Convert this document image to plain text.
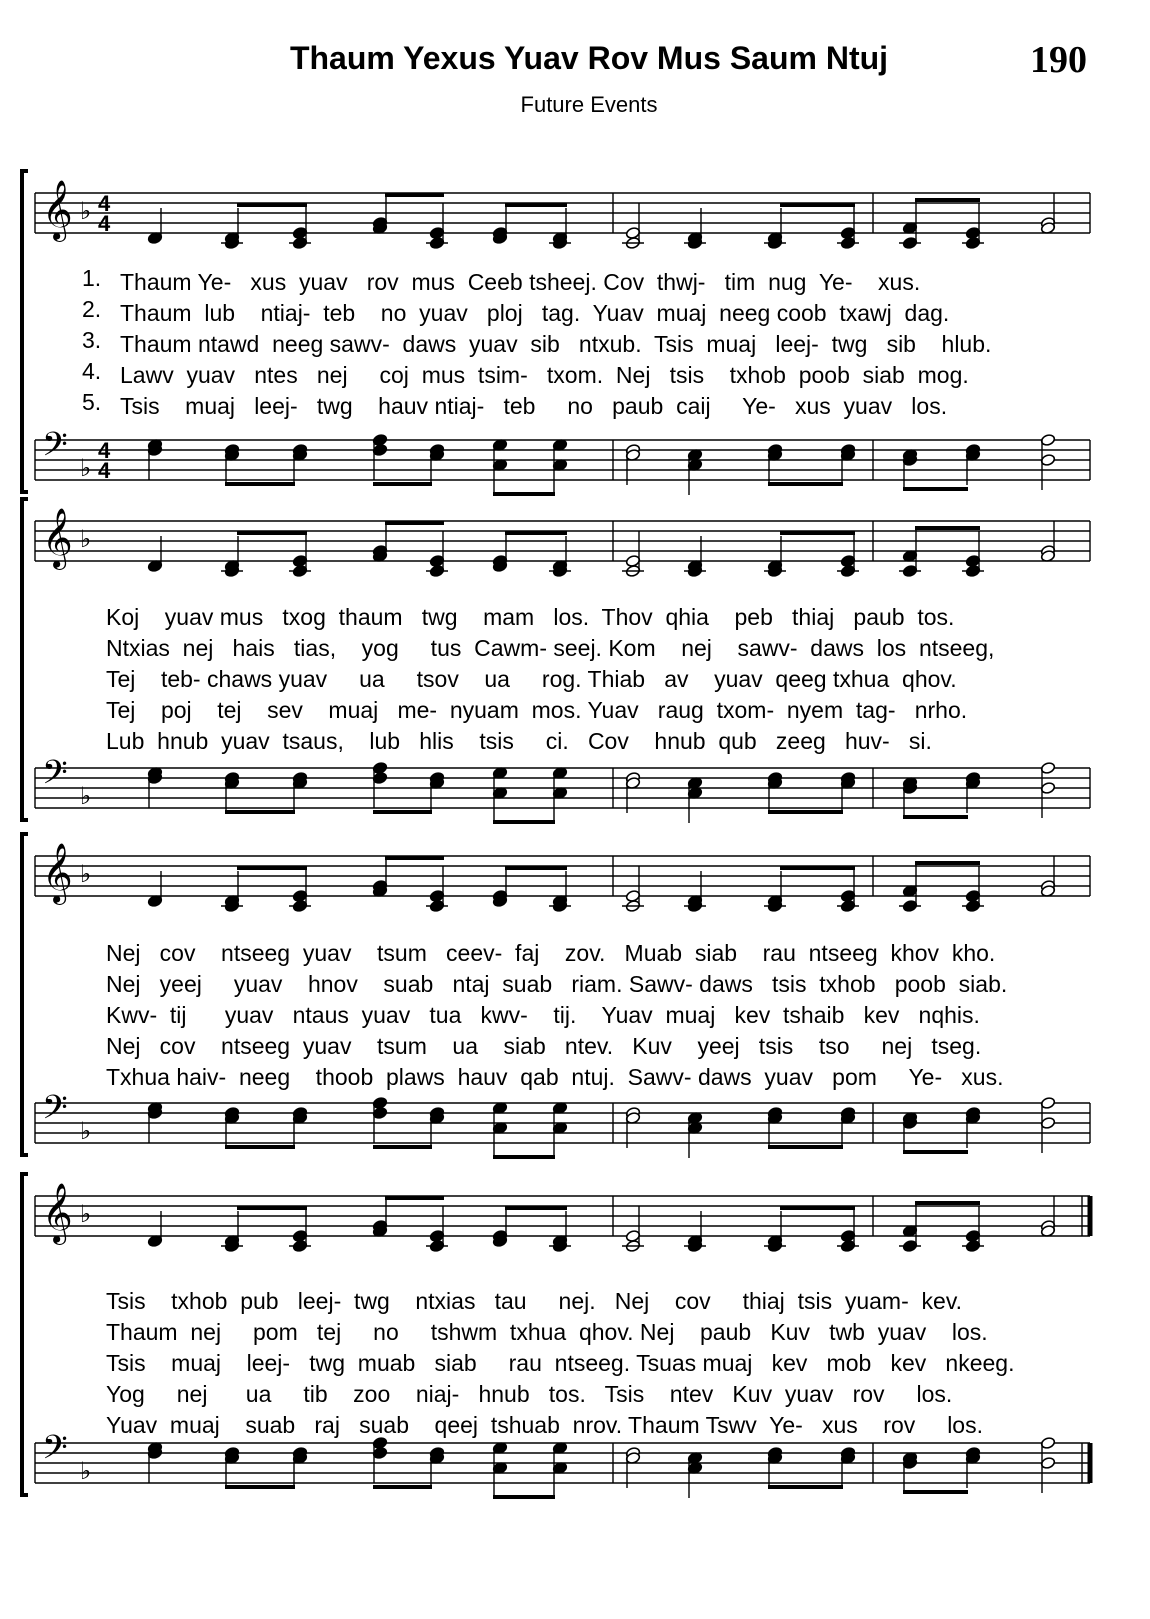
Thaum Yexus Yuav Rov Mus Saum Ntuj	190
Future Events
𝄞 ♭ 4
4
𝄢 ♭
4
4
1. Thaum Ye-   xus  yuav   rov  mus  Ceeb tsheej. Cov  thwj-   tim  nug  Ye-    xus.
2. Thaum  lub    ntiaj-  teb    no  yuav   ploj   tag.  Yuav  muaj  neeg coob  txawj  dag.
3. Thaum ntawd  neeg sawv-  daws  yuav  sib   ntxub.  Tsis  muaj   leej-  twg   sib    hlub.
4. Lawv  yuav   ntes   nej     coj  mus  tsim-   txom.  Nej   tsis    txhob  poob  siab  mog.
5. Tsis    muaj   leej-   twg    hauv ntiaj-   teb     no   paub  caij     Ye-   xus  yuav   los.
𝄞 ♭
𝄢 ♭
Koj    yuav mus   txog  thaum   twg    mam   los.  Thov  qhia    peb   thiaj   paub  tos.
Ntxias  nej   hais   tias,    yog     tus  Cawm- seej. Kom    nej    sawv-  daws  los  ntseeg,
Tej    teb- chaws yuav     ua     tsov    ua     rog. Thiab   av    yuav  qeeg txhua  qhov.
Tej    poj    tej    sev    muaj   me-  nyuam  mos. Yuav   raug  txom-  nyem  tag-   nrho.
Lub  hnub  yuav  tsaus,    lub   hlis    tsis     ci.   Cov    hnub  qub   zeeg   huv-   si.
𝄞 ♭
𝄢 ♭
Nej   cov    ntseeg  yuav    tsum   ceev-  faj    zov.   Muab  siab    rau  ntseeg  khov  kho.
Nej   yeej     yuav    hnov    suab   ntaj  suab   riam. Sawv- daws   tsis  txhob   poob  siab.
Kwv-  tij      yuav   ntaus  yuav   tua   kwv-    tij.    Yuav  muaj   kev  tshaib   kev   nqhis.
Nej   cov    ntseeg  yuav    tsum    ua    siab   ntev.   Kuv    yeej   tsis    tso     nej   tseg.
Txhua haiv-  neeg    thoob  plaws  hauv  qab  ntuj.  Sawv- daws  yuav   pom     Ye-   xus.
𝄞 ♭
𝄢 ♭
Tsis    txhob  pub   leej-  twg    ntxias   tau     nej.   Nej    cov     thiaj  tsis  yuam-  kev.
Thaum  nej     pom   tej     no     tshwm  txhua  qhov. Nej    paub   Kuv   twb  yuav    los.
Tsis    muaj    leej-   twg  muab   siab     rau  ntseeg. Tsuas muaj   kev   mob   kev   nkeeg.
Yog     nej      ua     tib    zoo    niaj-   hnub   tos.   Tsis    ntev   Kuv  yuav   rov     los.
Yuav  muaj    suab   raj   suab    qeej  tshuab  nrov. Thaum Tswv  Ye-   xus    rov     los.
